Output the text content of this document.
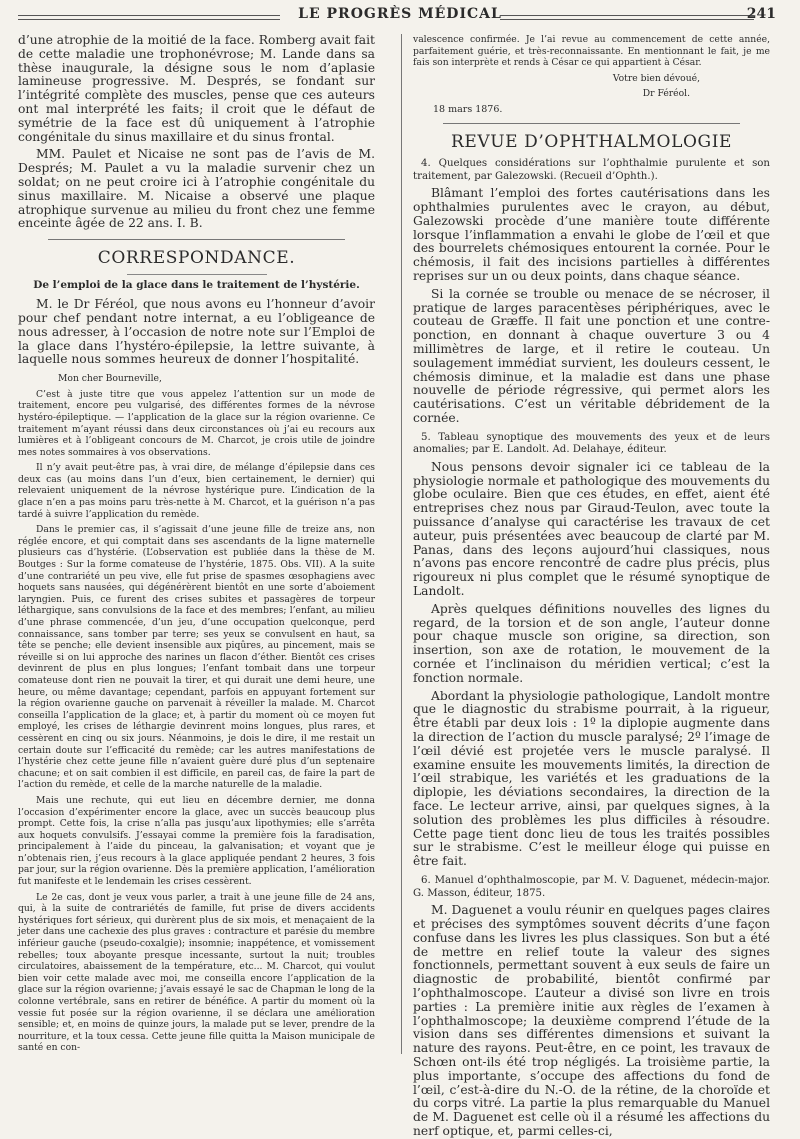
LE PROGRÈS MÉDICAL	241

d’une atrophie de la moitié de la face. Romberg avait fait de cette maladie une trophonévrose; M. Lande dans sa thèse inaugurale, la désigne sous le nom d’aplasie lamineuse progressive. M. Després, se fondant sur l’intégrité complète des muscles, pense que ces auteurs ont mal interprété les faits; il croit que le défaut de symétrie de la face est dû uniquement à l’atrophie congénitale du sinus maxillaire et du sinus frontal.

MM. Paulet et Nicaise ne sont pas de l’avis de M. Després; M. Paulet a vu la maladie survenir chez un soldat; on ne peut croire ici à l’atrophie congénitale du sinus maxillaire. M. Nicaise a observé une plaque atrophique survenue au milieu du front chez une femme enceinte âgée de 22 ans. I. B.

CORRESPONDANCE.
De l’emploi de la glace dans le traitement de l’hystérie.

M. le Dr Féréol, que nous avons eu l’honneur d’avoir pour chef pendant notre internat, a eu l’obligeance de nous adresser, à l’occasion de notre note sur l’Emploi de la glace dans l’hystéro-épilepsie, la lettre suivante, à laquelle nous sommes heureux de donner l’hospitalité.

Mon cher Bourneville,

C’est à juste titre que vous appelez l’attention sur un mode de traitement, encore peu vulgarisé, des différentes formes de la névrose hystéro-épileptique. — l’application de la glace sur la région ovarienne. Ce traitement m’ayant réussi dans deux circonstances où j’ai eu recours aux lumières et à l’obligeant concours de M. Charcot, je crois utile de joindre mes notes sommaires à vos observations.

Il n’y avait peut-être pas, à vrai dire, de mélange d’épilepsie dans ces deux cas (au moins dans l’un d’eux, bien certainement, le dernier) qui relevaient uniquement de la névrose hystérique pure. L’indication de la glace n’en a pas moins paru très-nette à M. Charcot, et la guérison n’a pas tardé à suivre l’application du remède.

Dans le premier cas, il s’agissait d’une jeune fille de treize ans, non réglée encore, et qui comptait dans ses ascendants de la ligne maternelle plusieurs cas d’hystérie. (L’observation est publiée dans la thèse de M. Boutges : Sur la forme comateuse de l’hystérie, 1875. Obs. VII). A la suite d’une contrariété un peu vive, elle fut prise de spasmes œsophagiens avec hoquets sans nausées, qui dégénérèrent bientôt en une sorte d’aboiement laryngien. Puis, ce furent des crises subites et passagères de torpeur léthargique, sans convulsions de la face et des membres; l’enfant, au milieu d’une phrase commencée, d’un jeu, d’une occupation quelconque, perd connaissance, sans tomber par terre; ses yeux se convulsent en haut, sa tête se penche; elle devient insensible aux piqûres, au pincement, mais se réveille si on lui approche des narines un flacon d’éther. Bientôt ces crises devinrent de plus en plus longues; l’enfant tombait dans une torpeur comateuse dont rien ne pouvait la tirer, et qui durait une demi heure, une heure, ou même davantage; cependant, parfois en appuyant fortement sur la région ovarienne gauche on parvenait à réveiller la malade. M. Charcot conseilla l’application de la glace; et, à partir du moment où ce moyen fut employé, les crises de léthargie devinrent moins longues, plus rares, et cessèrent en cinq ou six jours. Néanmoins, je dois le dire, il me restait un certain doute sur l’efficacité du remède; car les autres manifestations de l’hystérie chez cette jeune fille n’avaient guère duré plus d’un septenaire chacune; et on sait combien il est difficile, en pareil cas, de faire la part de l’action du remède, et celle de la marche naturelle de la maladie.

Mais une rechute, qui eut lieu en décembre dernier, me donna l’occasion d’expérimenter encore la glace, avec un succès beaucoup plus prompt. Cette fois, la crise n’alla pas jusqu’aux lipothymies; elle s’arrêta aux hoquets convulsifs. J’essayai comme la première fois la faradisation, principalement à l’aide du pinceau, la galvanisation; et voyant que je n’obtenais rien, j’eus recours à la glace appliquée pendant 2 heures, 3 fois par jour, sur la région ovarienne. Dès la première application, l’amélioration fut manifeste et le lendemain les crises cessèrent.

Le 2e cas, dont je veux vous parler, a trait à une jeune fille de 24 ans, qui, à la suite de contrariétés de famille, fut prise de divers accidents hystériques fort sérieux, qui durèrent plus de six mois, et menaçaient de la jeter dans une cachexie des plus graves : contracture et parésie du membre inférieur gauche (pseudo-coxalgie); insomnie; inappétence, et vomissement rebelles; toux aboyante presque incessante, surtout la nuit; troubles circulatoires, abaissement de la température, etc... M. Charcot, qui voulut bien voir cette malade avec moi, me conseilla encore l’application de la glace sur la région ovarienne; j’avais essayé le sac de Chapman le long de la colonne vertébrale, sans en retirer de bénéfice. A partir du moment où la vessie fut posée sur la région ovarienne, il se déclara une amélioration sensible; et, en moins de quinze jours, la malade put se lever, prendre de la nourriture, et la toux cessa. Cette jeune fille quitta la Maison municipale de santé en con-

valescence confirmée. Je l’ai revue au commencement de cette année, parfaitement guérie, et très-reconnaissante. En mentionnant le fait, je me fais son interprète et rends à César ce qui appartient à César.

Votre bien dévoué,

Dr Féréol.

18 mars 1876.

REVUE D’OPHTHALMOLOGIE

4. Quelques considérations sur l’ophthalmie purulente et son traitement, par Galezowski. (Recueil d’Ophth.).

Blâmant l’emploi des fortes cautérisations dans les ophthalmies purulentes avec le crayon, au début, Galezowski procède d’une manière toute différente lorsque l’inflammation a envahi le globe de l’œil et que des bourrelets chémosiques entourent la cornée. Pour le chémosis, il fait des incisions partielles à différentes reprises sur un ou deux points, dans chaque séance.

Si la cornée se trouble ou menace de se nécroser, il pratique de larges paracentèses périphériques, avec le couteau de Græffe. Il fait une ponction et une contre-ponction, en donnant à chaque ouverture 3 ou 4 millimètres de large, et il retire le couteau. Un soulagement immédiat survient, les douleurs cessent, le chémosis diminue, et la maladie est dans une phase nouvelle de période régressive, qui permet alors les cautérisations. C’est un véritable débridement de la cornée.

5. Tableau synoptique des mouvements des yeux et de leurs anomalies; par E. Landolt. Ad. Delahaye, éditeur.

Nous pensons devoir signaler ici ce tableau de la physiologie normale et pathologique des mouvements du globe oculaire. Bien que ces études, en effet, aient été entreprises chez nous par Giraud-Teulon, avec toute la puissance d’analyse qui caractérise les travaux de cet auteur, puis présentées avec beaucoup de clarté par M. Panas, dans des leçons aujourd’hui classiques, nous n’avons pas encore rencontré de cadre plus précis, plus rigoureux ni plus complet que le résumé synoptique de Landolt.

Après quelques définitions nouvelles des lignes du regard, de la torsion et de son angle, l’auteur donne pour chaque muscle son origine, sa direction, son insertion, son axe de rotation, le mouvement de la cornée et l’inclinaison du méridien vertical; c’est la fonction normale.

Abordant la physiologie pathologique, Landolt montre que le diagnostic du strabisme pourrait, à la rigueur, être établi par deux lois : 1º la diplopie augmente dans la direction de l’action du muscle paralysé; 2º l’image de l’œil dévié est projetée vers le muscle paralysé. Il examine ensuite les mouvements limités, la direction de l’œil strabique, les variétés et les graduations de la diplopie, les déviations secondaires, la direction de la face. Le lecteur arrive, ainsi, par quelques signes, à la solution des problèmes les plus difficiles à résoudre. Cette page tient donc lieu de tous les traités possibles sur le strabisme. C’est le meilleur éloge qui puisse en être fait.

6. Manuel d’ophthalmoscopie, par M. V. Daguenet, médecin-major. G. Masson, éditeur, 1875.

M. Daguenet a voulu réunir en quelques pages claires et précises des symptômes souvent décrits d’une façon confuse dans les livres les plus classiques. Son but a été de mettre en relief toute la valeur des signes fonctionnels, permettant souvent à eux seuls de faire un diagnostic de probabilité, bientôt confirmé par l’ophthalmoscope. L’auteur a divisé son livre en trois parties : La première initie aux règles de l’examen à l’ophthalmoscope; la deuxième comprend l’étude de la vision dans ses différentes dimensions et suivant la nature des rayons. Peut-être, en ce point, les travaux de Schœn ont-ils été trop négligés. La troisième partie, la plus importante, s’occupe des affections du fond de l’œil, c’est-à-dire du N.-O. de la rétine, de la choroïde et du corps vitré. La partie la plus remarquable du Manuel de M. Daguenet est celle où il a résumé les affections du nerf optique, et, parmi celles-ci,
